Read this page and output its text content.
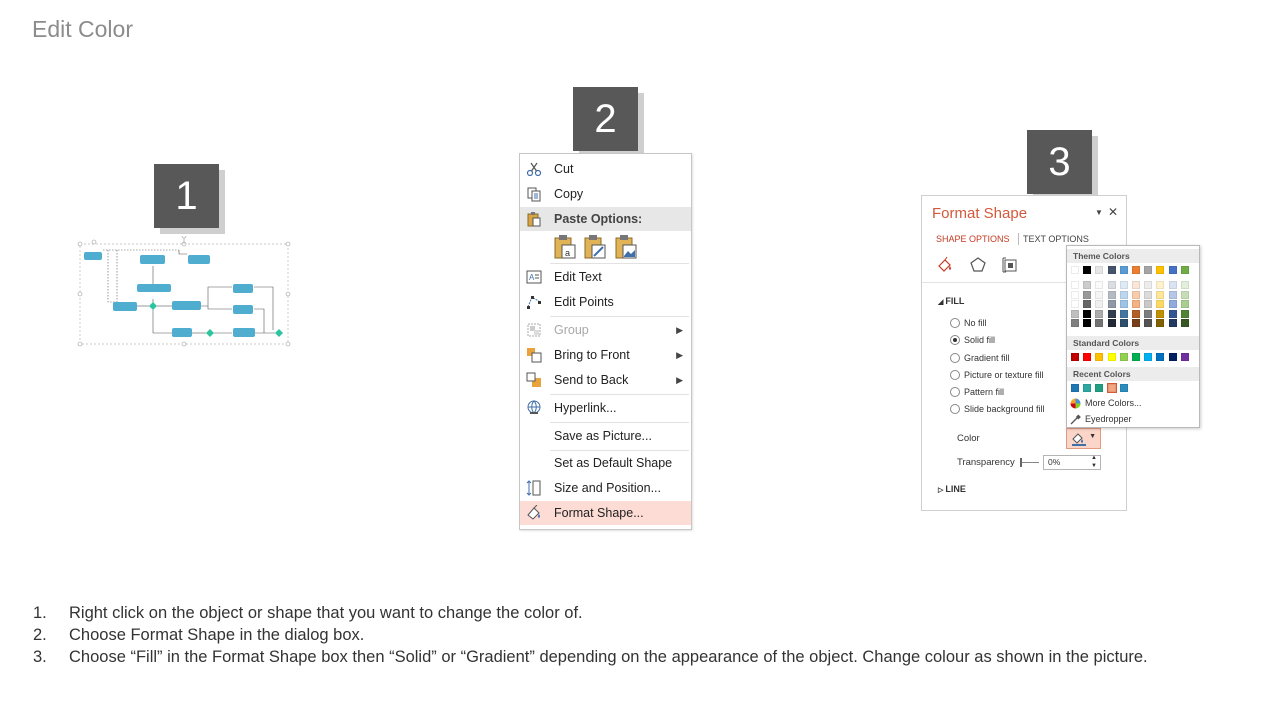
Edit Color
1
2
3
Cut
Copy
Paste Options:
a
A Edit Text
Edit Points
Group	▶
Bring to Front	▶
Send to Back	▶
Hyperlink...
Save as Picture...
Set as Default Shape
Size and Position...
Format Shape...
Format Shape	▼ ✕
SHAPE OPTIONS TEXT OPTIONS
◢ FILL
No fill
Solid fill
Gradient fill
Picture or texture fill
Pattern fill
Slide background fill
Color	▼
Transparency	0%	▲
▼
▷ LINE
Theme Colors
Standard Colors
Recent Colors
More Colors...
Eyedropper
1. Right click on the object or shape that you want to change the color of.
2. Choose Format Shape in the dialog box.
3. Choose “Fill” in the Format Shape box then “Solid” or “Gradient” depending on the appearance of the object. Change colour as shown in the picture.
